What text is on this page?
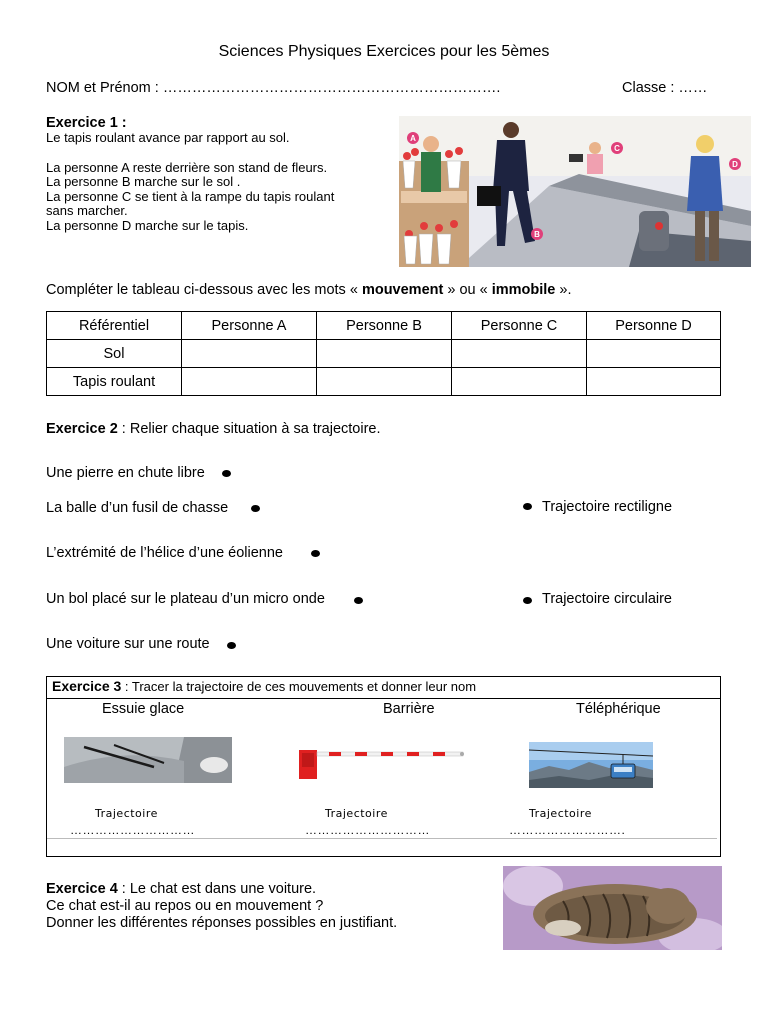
Sciences Physiques Exercices pour les 5èmes
NOM et Prénom : …………………………………………………………….	Classe : ……
Exercice 1 :
Le tapis roulant avance par rapport au sol.
La personne A reste derrière son stand de fleurs.
La personne B marche sur le sol .
La personne C se tient à la rampe du tapis roulant
sans marcher.
La personne D marche sur le tapis.
A
B
C
D
Compléter le tableau ci-dessous avec les mots « mouvement » ou « immobile ».
Référentiel	Personne A	Personne B	Personne C	Personne D
Sol				
Tapis roulant				
Exercice 2 : Relier chaque situation à sa trajectoire.
Une pierre en chute libre
La balle d’un fusil de chasse
L’extrémité de l’hélice d’une éolienne
Un bol placé sur le plateau d’un micro onde
Une voiture sur une route
Trajectoire rectiligne
Trajectoire circulaire
Exercice 3 : Tracer la trajectoire de ces mouvements et donner leur nom
Essuie glace	Barrière	Téléphérique
Trajectoire	Trajectoire	Trajectoire
…………………………	…………………………	……………………….
Exercice 4 : Le chat est dans une voiture.
Ce chat est-il au repos ou en mouvement ?
Donner les différentes réponses possibles en justifiant.
